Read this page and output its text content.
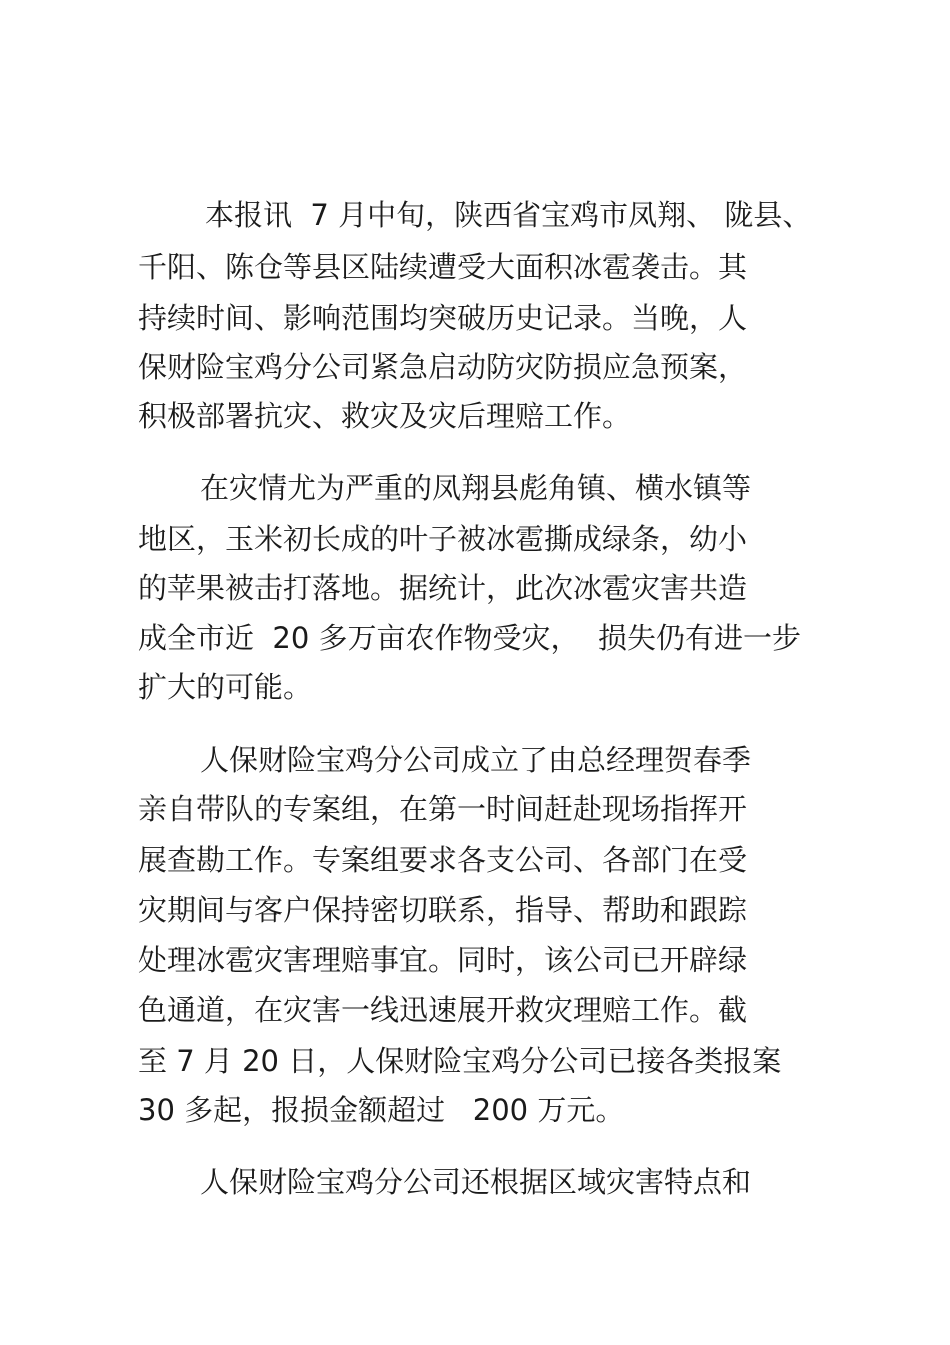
本报讯  7 月中旬，陕西省宝鸡市凤翔、 陇县、

千阳、陈仓等县区陆续遭受大面积冰雹袭击。其

持续时间、影响范围均突破历史记录。当晚，人

保财险宝鸡分公司紧急启动防灾防损应急预案，

积极部署抗灾、救灾及灾后理赔工作。

在灾情尤为严重的凤翔县彪角镇、横水镇等

地区，玉米初长成的叶子被冰雹撕成绿条，幼小

的苹果被击打落地。据统计，此次冰雹灾害共造

成全市近  20 多万亩农作物受灾，  损失仍有进一步

扩大的可能。

人保财险宝鸡分公司成立了由总经理贺春季

亲自带队的专案组，在第一时间赶赴现场指挥开

展查勘工作。专案组要求各支公司、各部门在受

灾期间与客户保持密切联系，指导、帮助和跟踪

处理冰雹灾害理赔事宜。同时，该公司已开辟绿

色通道，在灾害一线迅速展开救灾理赔工作。截

至 7 月 20 日，人保财险宝鸡分公司已接各类报案

30 多起，报损金额超过   200 万元。

人保财险宝鸡分公司还根据区域灾害特点和
